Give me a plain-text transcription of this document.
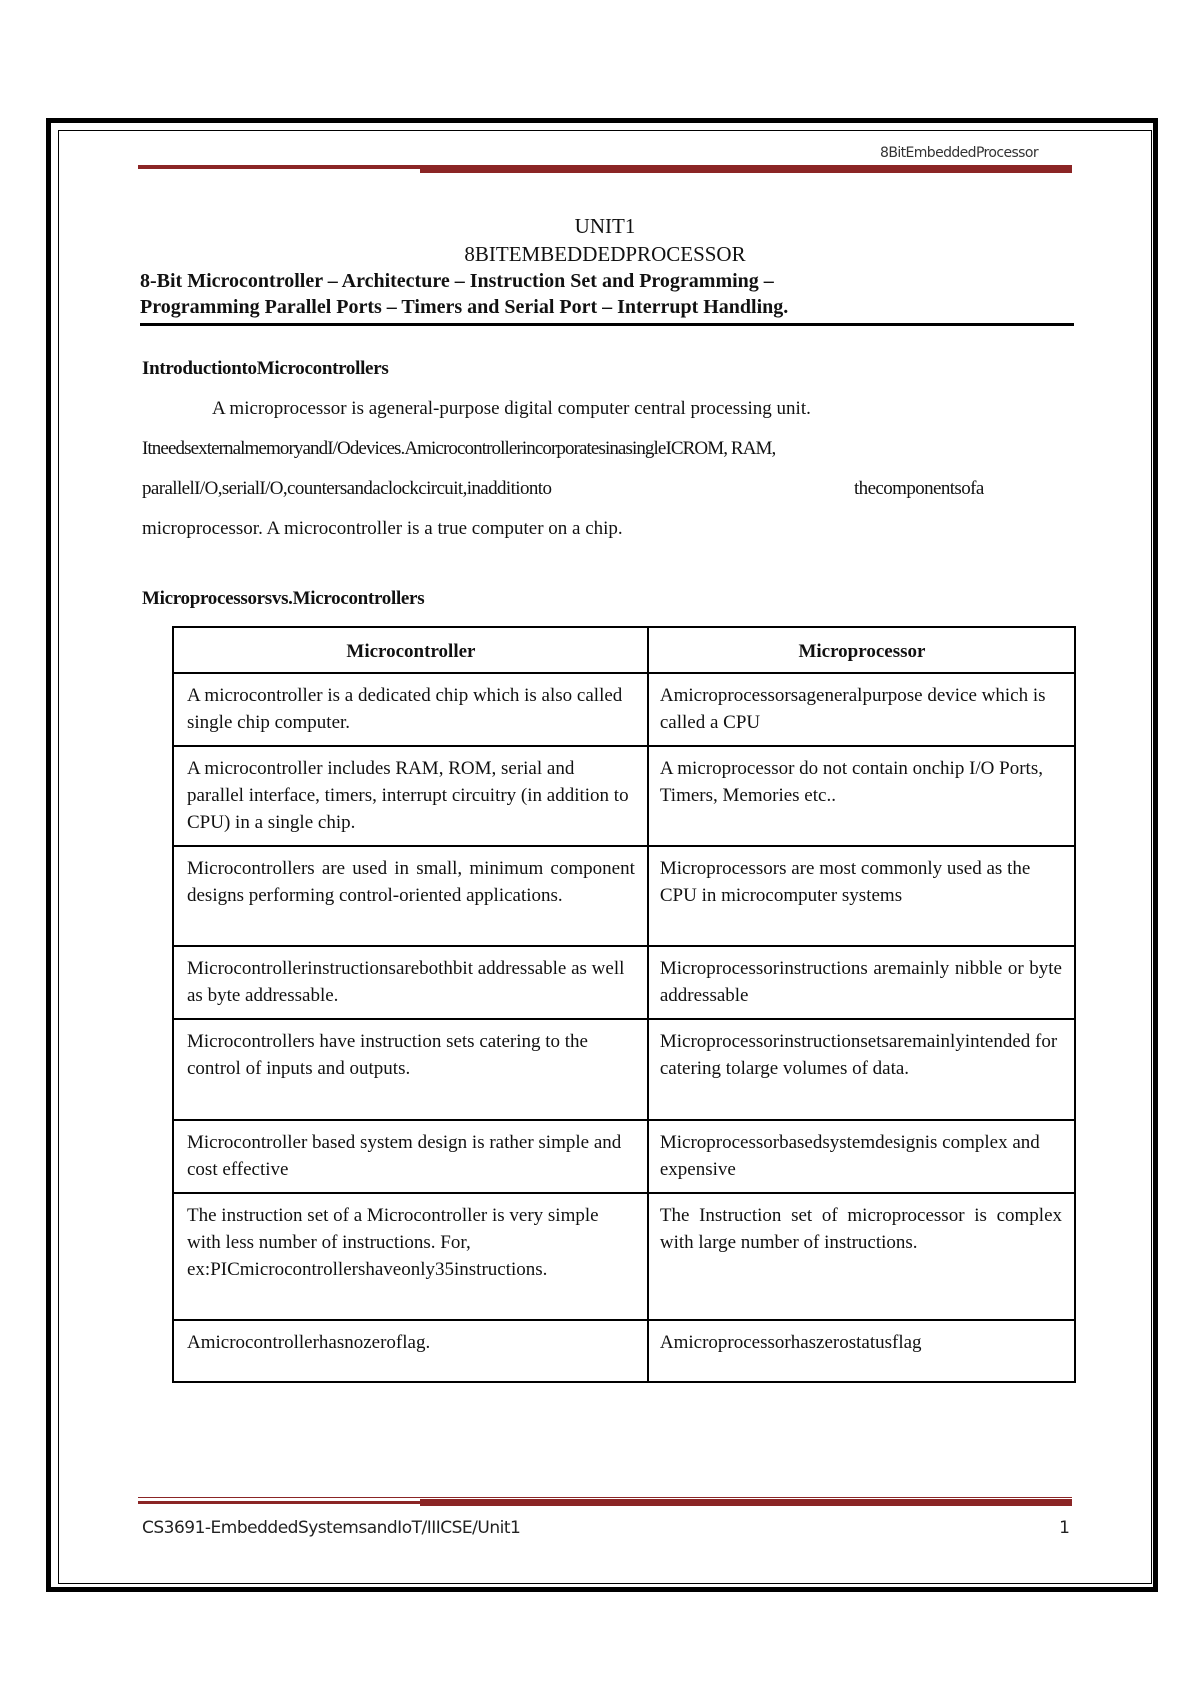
8BitEmbeddedProcessor
UNIT1
8BITEMBEDDEDPROCESSOR
8-Bit Microcontroller – Architecture – Instruction Set and Programming –
Programming Parallel Ports – Timers and Serial Port – Interrupt Handling.
IntroductiontoMicrocontrollers
A microprocessor is ageneral-purpose digital computer central processing unit.
ItneedsexternalmemoryandI/Odevices.AmicrocontrollerincorporatesinasingleICROM, RAM,
parallelI/O,serialI/O,countersandaclockcircuit,inadditionto	thecomponentsofa
microprocessor. A microcontroller is a true computer on a chip.
Microprocessorsvs.Microcontrollers
Microcontroller	Microprocessor
A microcontroller is a dedicated chip which is also called single chip computer.	Amicroprocessorsageneralpurpose device which is called a CPU
A microcontroller includes RAM, ROM, serial and parallel interface, timers, interrupt circuitry (in addition to CPU) in a single chip.	A microprocessor do not contain onchip I/O Ports, Timers, Memories etc..
Microcontrollers are used in small, minimum component designs performing control-oriented applications.	Microprocessors are most commonly used as the CPU in microcomputer systems
Microcontrollerinstructionsarebothbit addressable as well as byte addressable.	Microprocessorinstructions aremainly nibble or byte addressable
Microcontrollers have instruction sets catering to the control of inputs and outputs.	Microprocessorinstructionsetsaremainlyintended for catering tolarge volumes of data.
Microcontroller based system design is rather simple and cost effective	Microprocessorbasedsystemdesignis complex and expensive
The instruction set of a Microcontroller is very simple with less number of instructions. For, ex:PICmicrocontrollershaveonly35instructions.	The Instruction set of microprocessor is complex with large number of instructions.
Amicrocontrollerhasnozeroflag.	Amicroprocessorhaszerostatusflag
CS3691-EmbeddedSystemsandIoT/IIICSE/Unit1	1
